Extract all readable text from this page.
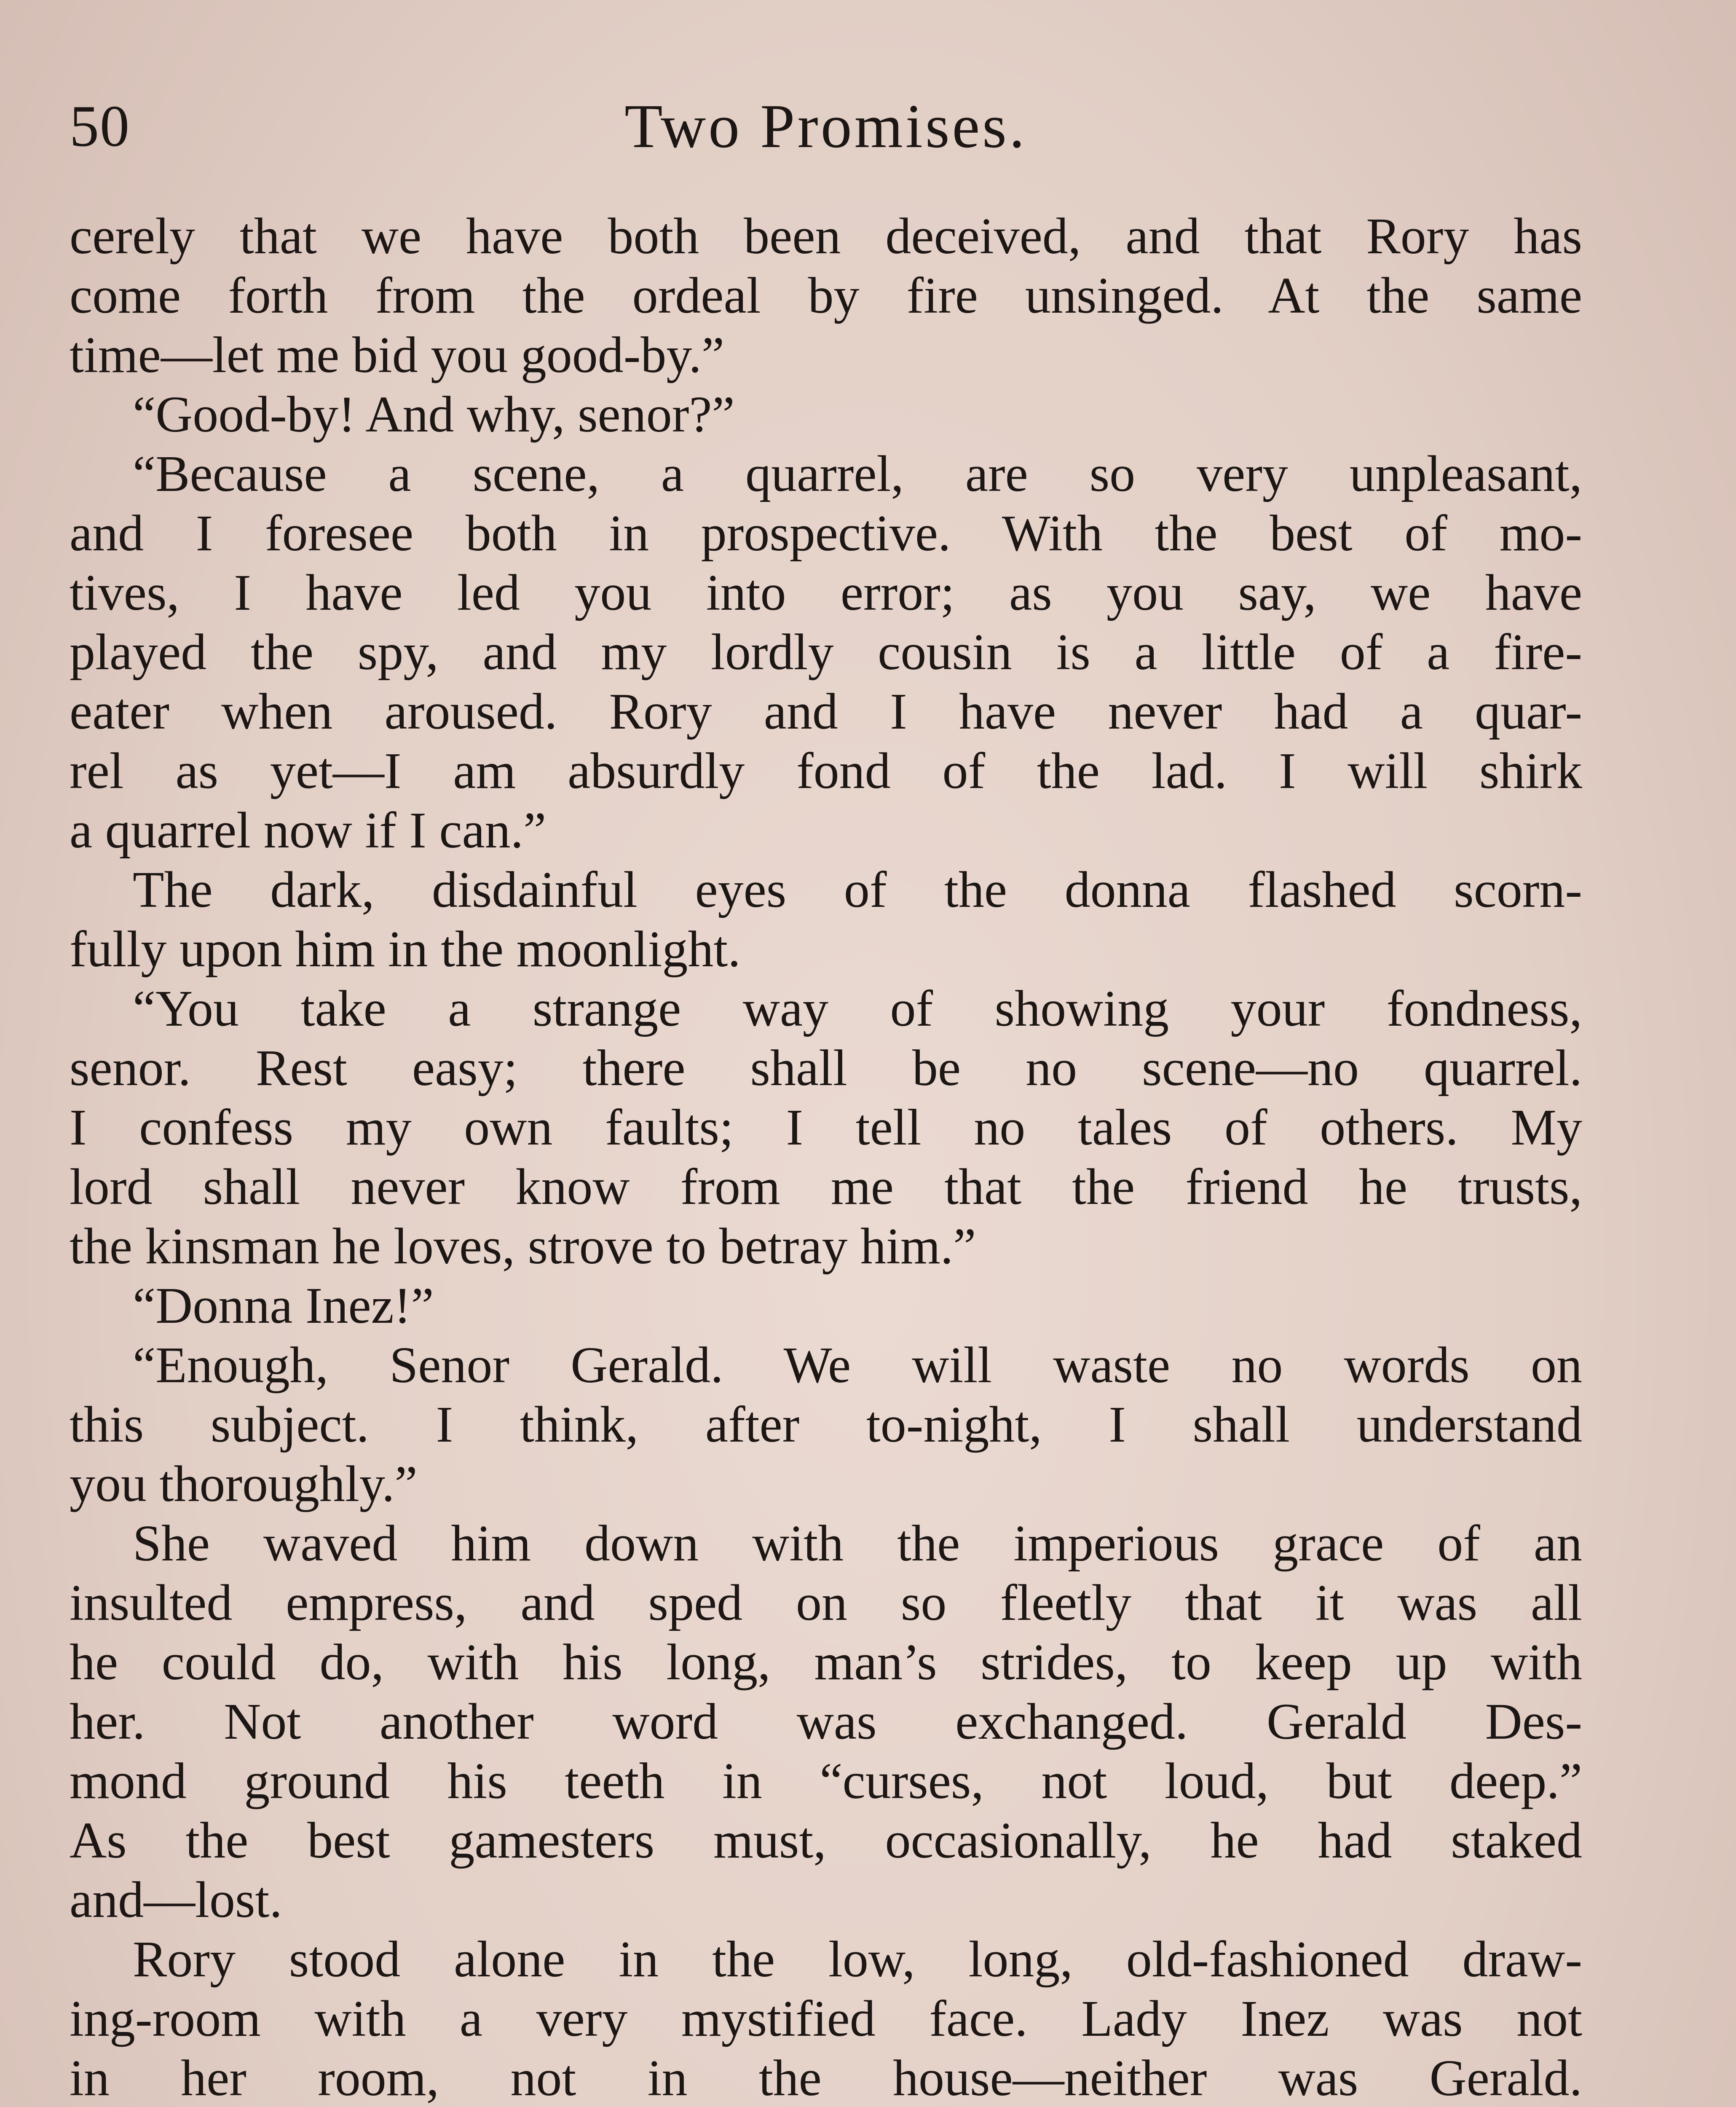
50	Two Promises.
cerely that we have both been deceived, and that Rory has
come forth from the ordeal by fire unsinged. At the same
time—let me bid you good-by.”
“Good-by! And why, senor?”
“Because a scene, a quarrel, are so very unpleasant,
and I foresee both in prospective. With the best of mo-
tives, I have led you into error; as you say, we have
played the spy, and my lordly cousin is a little of a fire-
eater when aroused. Rory and I have never had a quar-
rel as yet—I am absurdly fond of the lad. I will shirk
a quarrel now if I can.”
The dark, disdainful eyes of the donna flashed scorn-
fully upon him in the moonlight.
“You take a strange way of showing your fondness,
senor. Rest easy; there shall be no scene—no quarrel.
I confess my own faults; I tell no tales of others. My
lord shall never know from me that the friend he trusts,
the kinsman he loves, strove to betray him.”
“Donna Inez!”
“Enough, Senor Gerald. We will waste no words on
this subject. I think, after to-night, I shall understand
you thoroughly.”
She waved him down with the imperious grace of an
insulted empress, and sped on so fleetly that it was all
he could do, with his long, man’s strides, to keep up with
her. Not another word was exchanged. Gerald Des-
mond ground his teeth in “curses, not loud, but deep.”
As the best gamesters must, occasionally, he had staked
and—lost.
Rory stood alone in the low, long, old-fashioned draw-
ing-room with a very mystified face. Lady Inez was not
in her room, not in the house—neither was Gerald.
